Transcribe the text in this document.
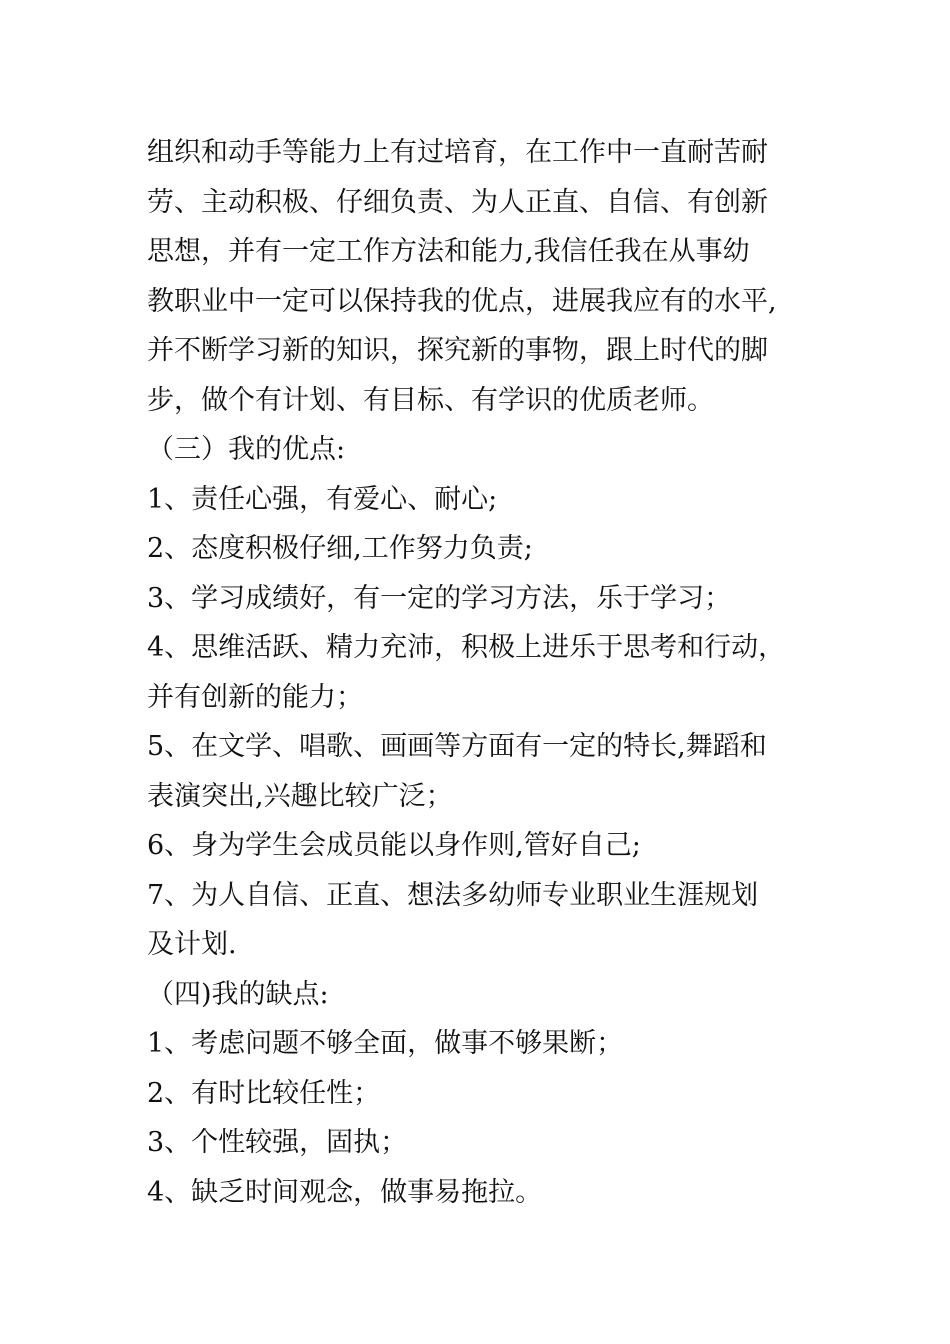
组织和动手等能力上有过培育，在工作中一直耐苦耐
劳、主动积极、仔细负责、为人正直、自信、有创新
思想，并有一定工作方法和能力,我信任我在从事幼
教职业中一定可以保持我的优点，进展我应有的水平,
并不断学习新的知识，探究新的事物，跟上时代的脚
步，做个有计划、有目标、有学识的优质老师。
（三）我的优点:
1、责任心强，有爱心、耐心;
2、态度积极仔细,工作努力负责;
3、学习成绩好，有一定的学习方法，乐于学习；
4、思维活跃、精力充沛，积极上进乐于思考和行动，
并有创新的能力；
5、在文学、唱歌、画画等方面有一定的特长,舞蹈和
表演突出,兴趣比较广泛；
6、身为学生会成员能以身作则,管好自己;
7、为人自信、正直、想法多幼师专业职业生涯规划
及计划.
（四)我的缺点:
1、考虑问题不够全面，做事不够果断；
2、有时比较任性；
3、个性较强，固执；
4、缺乏时间观念，做事易拖拉。
